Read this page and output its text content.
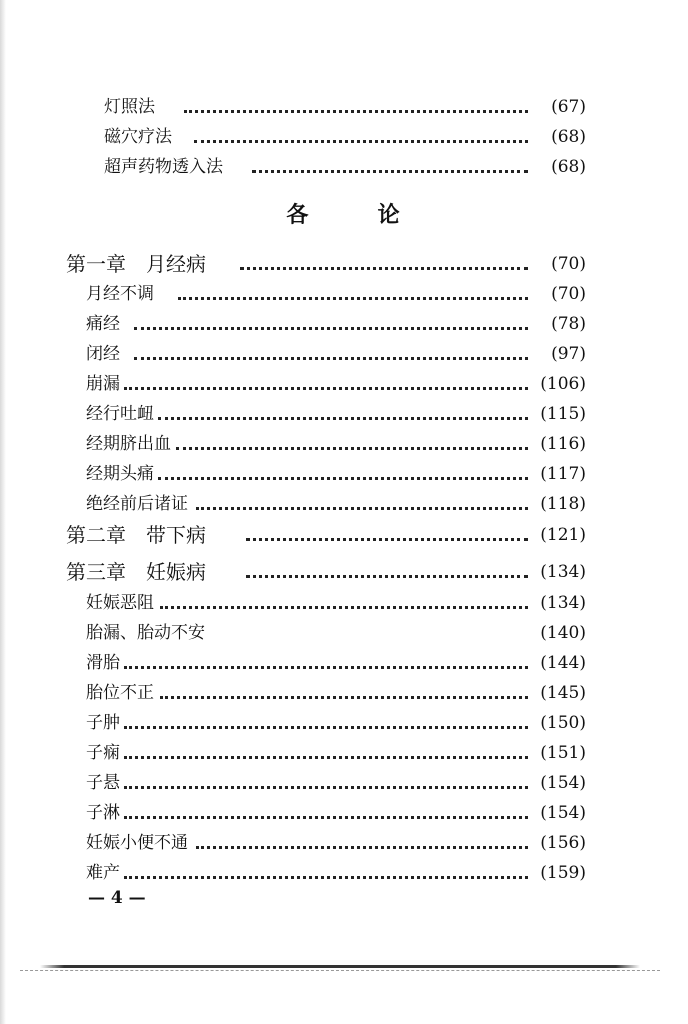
灯照法	(67)
磁穴疗法	(68)
超声药物透入法	(68)
各	论
第一章　月经病	(70)
月经不调	(70)
痛经	(78)
闭经	(97)
崩漏	(106)
经行吐衄	(115)
经期脐出血	(116)
经期头痛	(117)
绝经前后诸证	(118)
第二章　带下病	(121)
第三章　妊娠病	(134)
妊娠恶阻	(134)
胎漏、胎动不安	(140)
滑胎	(144)
胎位不正	(145)
子肿	(150)
子痫	(151)
子悬	(154)
子淋	(154)
妊娠小便不通	(156)
难产	(159)
— 4 —
